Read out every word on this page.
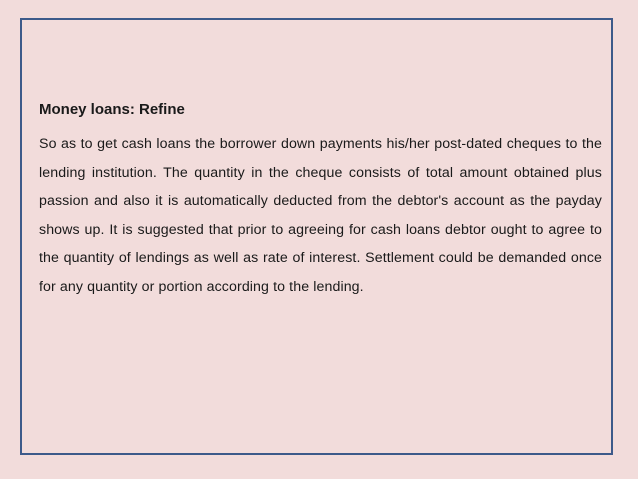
Money loans: Refine

So as to get cash loans the borrower down payments his/her post-dated cheques to the lending institution. The quantity in the cheque consists of total amount obtained plus passion and also it is automatically deducted from the debtor's account as the payday shows up. It is suggested that prior to agreeing for cash loans debtor ought to agree to the quantity of lendings as well as rate of interest. Settlement could be demanded once for any quantity or portion according to the lending.
